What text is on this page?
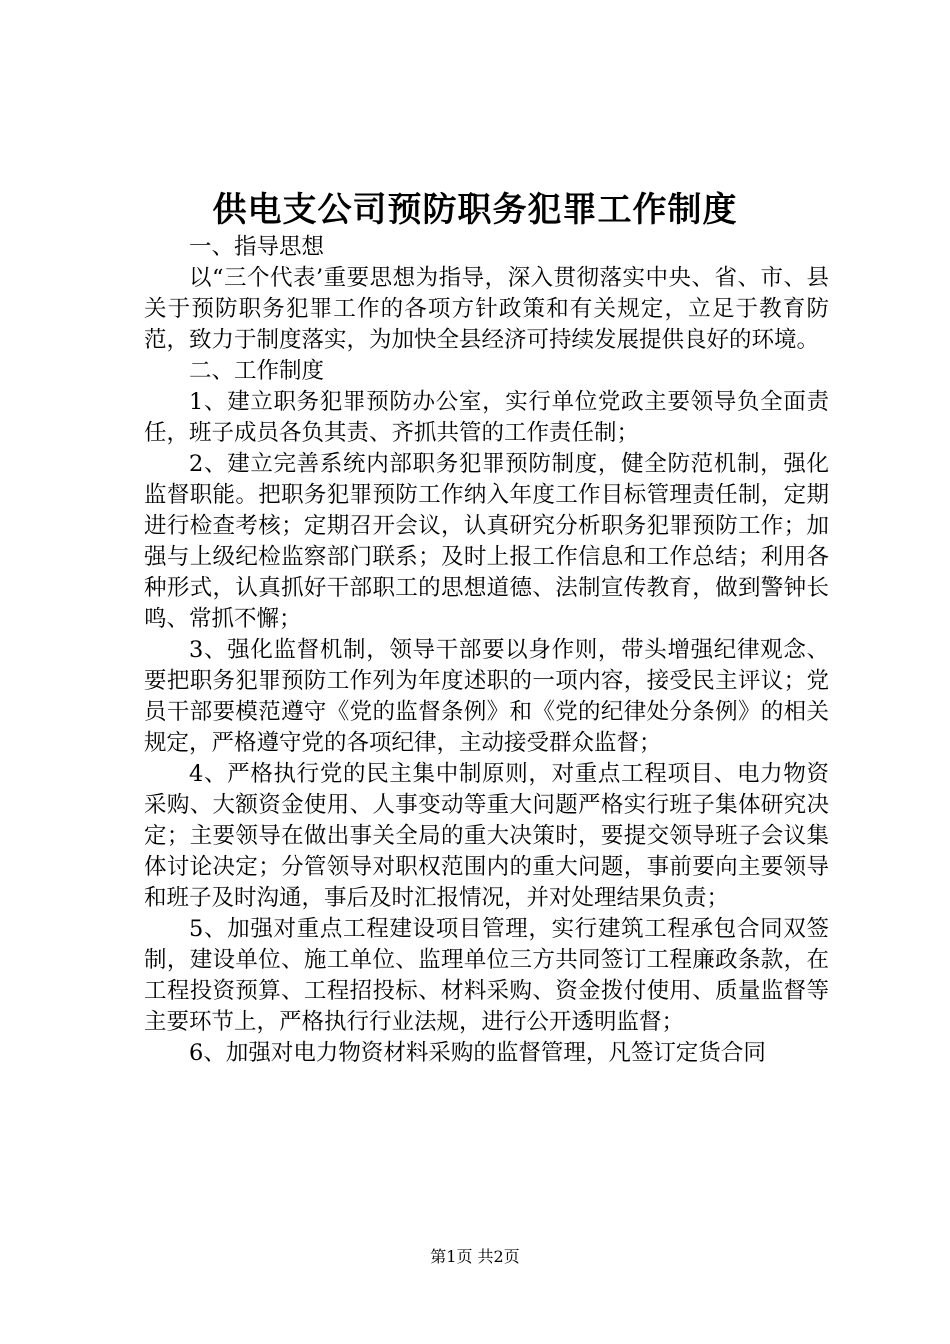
供电支公司预防职务犯罪工作制度

一、指导思想

以“三个代表’重要思想为指导，深入贯彻落实中央、省、市、县关于预防职务犯罪工作的各项方针政策和有关规定，立足于教育防范，致力于制度落实，为加快全县经济可持续发展提供良好的环境。

二、工作制度

1、建立职务犯罪预防办公室，实行单位党政主要领导负全面责任，班子成员各负其责、齐抓共管的工作责任制；

2、建立完善系统内部职务犯罪预防制度，健全防范机制，强化监督职能。把职务犯罪预防工作纳入年度工作目标管理责任制，定期进行检查考核；定期召开会议，认真研究分析职务犯罪预防工作；加强与上级纪检监察部门联系；及时上报工作信息和工作总结；利用各种形式，认真抓好干部职工的思想道德、法制宣传教育，做到警钟长鸣、常抓不懈；

3、强化监督机制，领导干部要以身作则，带头增强纪律观念、要把职务犯罪预防工作列为年度述职的一项内容，接受民主评议；党员干部要模范遵守《党的监督条例》和《党的纪律处分条例》的相关规定，严格遵守党的各项纪律，主动接受群众监督；

4、严格执行党的民主集中制原则，对重点工程项目、电力物资采购、大额资金使用、人事变动等重大问题严格实行班子集体研究决定；主要领导在做出事关全局的重大决策时，要提交领导班子会议集体讨论决定；分管领导对职权范围内的重大问题，事前要向主要领导和班子及时沟通，事后及时汇报情况，并对处理结果负责；

5、加强对重点工程建设项目管理，实行建筑工程承包合同双签制，建设单位、施工单位、监理单位三方共同签订工程廉政条款，在工程投资预算、工程招投标、材料采购、资金拨付使用、质量监督等主要环节上，严格执行行业法规，进行公开透明监督；

6、加强对电力物资材料采购的监督管理，凡签订定货合同

第1页 共2页
